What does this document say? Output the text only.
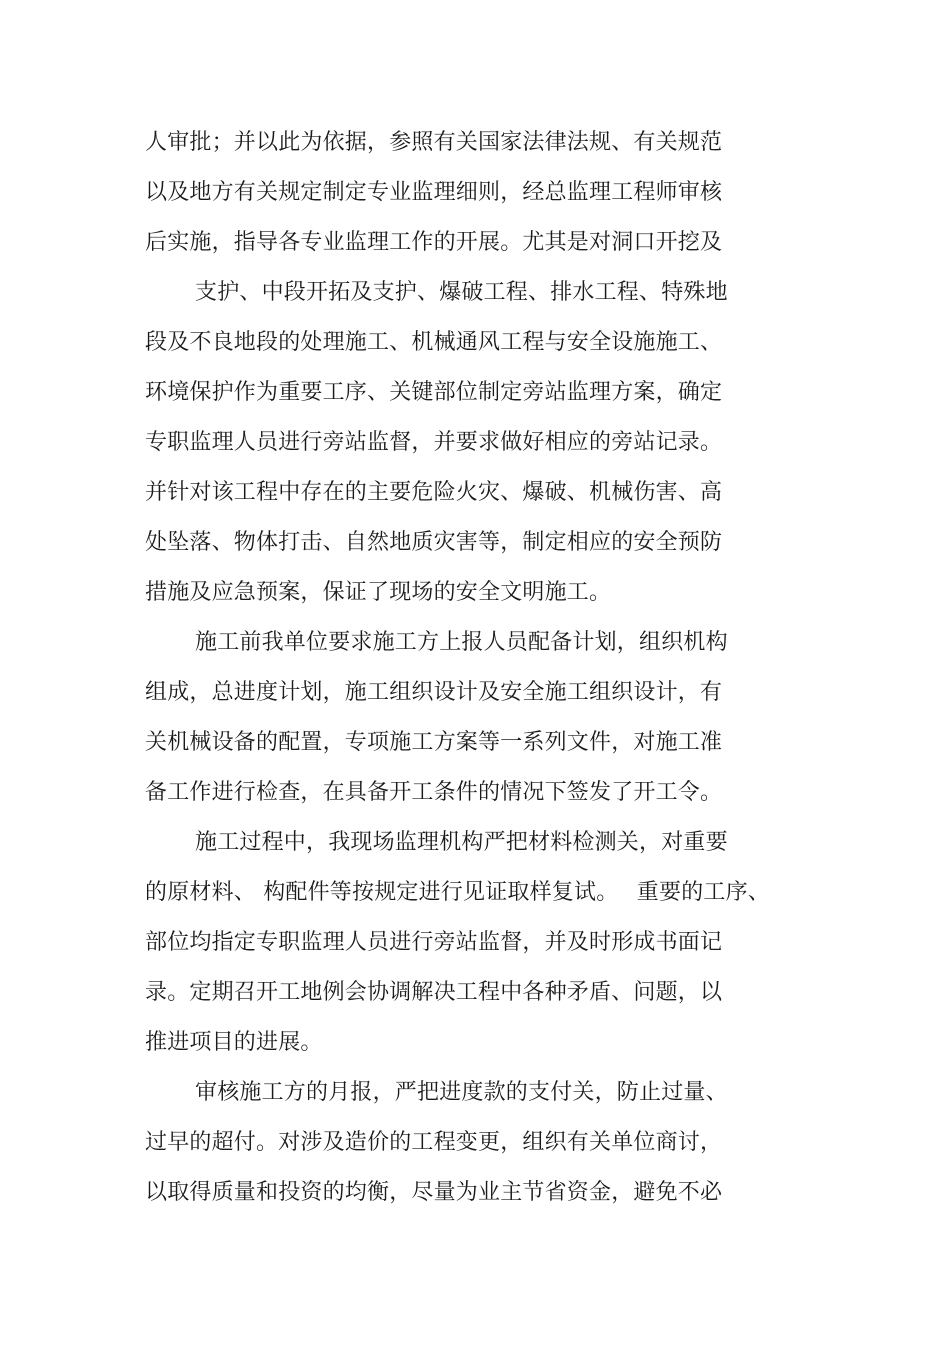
人审批；并以此为依据，参照有关国家法律法规、有关规范

以及地方有关规定制定专业监理细则，经总监理工程师审核

后实施，指导各专业监理工作的开展。尤其是对洞口开挖及

支护、中段开拓及支护、爆破工程、排水工程、特殊地

段及不良地段的处理施工、机械通风工程与安全设施施工、

环境保护作为重要工序、关键部位制定旁站监理方案，确定

专职监理人员进行旁站监督，并要求做好相应的旁站记录。

并针对该工程中存在的主要危险火灾、爆破、机械伤害、高

处坠落、物体打击、自然地质灾害等，制定相应的安全预防

措施及应急预案，保证了现场的安全文明施工。

施工前我单位要求施工方上报人员配备计划，组织机构

组成，总进度计划，施工组织设计及安全施工组织设计，有

关机械设备的配置，专项施工方案等一系列文件，对施工准

备工作进行检查，在具备开工条件的情况下签发了开工令。

施工过程中，我现场监理机构严把材料检测关，对重要

的原材料、 构配件等按规定进行见证取样复试。　 重要的工序、

部位均指定专职监理人员进行旁站监督，并及时形成书面记

录。定期召开工地例会协调解决工程中各种矛盾、问题，以

推进项目的进展。

审核施工方的月报，严把进度款的支付关，防止过量、

过早的超付。对涉及造价的工程变更，组织有关单位商讨，

以取得质量和投资的均衡，尽量为业主节省资金，避免不必
